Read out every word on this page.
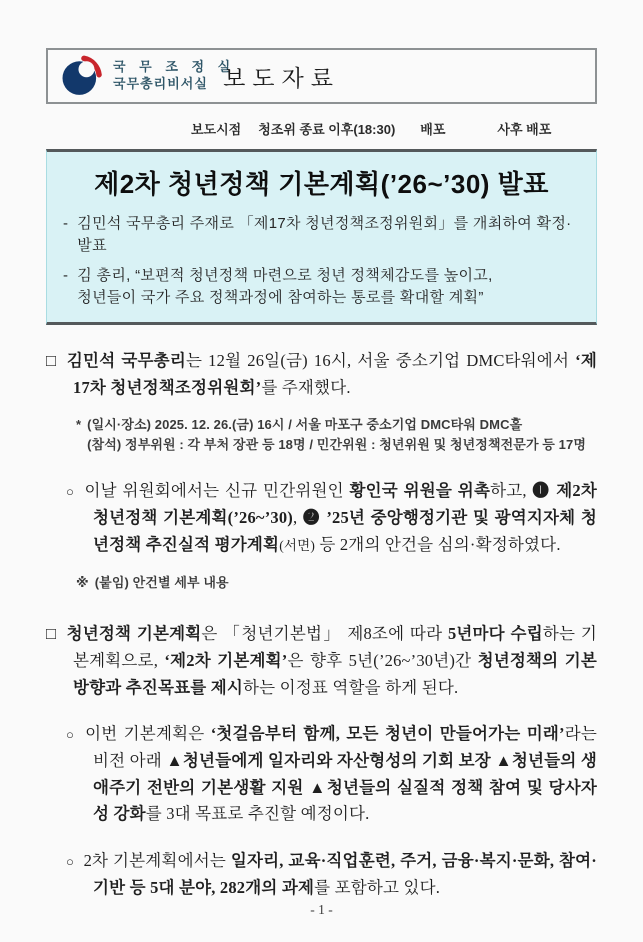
국 무 조 정 실
국무총리비서실 보도자료
보도시점 청조위 종료 이후(18:30) 배포	사후 배포
제2차 청년정책 기본계획(’26~’30) 발표
- 김민석 국무총리 주재로 「제17차 청년정책조정위원회」를 개최하여 확정·발표
- 김 총리, “보편적 청년정책 마련으로 청년 정책체감도를 높이고,
청년들이 국가 주요 정책과정에 참여하는 통로를 확대할 계획”
□ 김민석 국무총리는 12월 26일(금) 16시, 서울 중소기업 DMC타워에서 ‘제17차 청년정책조정위원회’를 주재했다.
* (일시·장소) 2025. 12. 26.(금) 16시 / 서울 마포구 중소기업 DMC타워 DMC홀
(참석) 정부위원 : 각 부처 장관 등 18명 / 민간위원 : 청년위원 및 청년정책전문가 등 17명
○ 이날 위원회에서는 신규 민간위원인 황인국 위원을 위촉하고, ❶ 제2차 청년정책 기본계획(’26~’30), ❷ ’25년 중앙행정기관 및 광역지자체 청년정책 추진실적 평가계획(서면) 등 2개의 안건을 심의·확정하였다.
※ (붙임) 안건별 세부 내용
□ 청년정책 기본계획은 「청년기본법」 제8조에 따라 5년마다 수립하는 기본계획으로, ‘제2차 기본계획’은 향후 5년(’26~’30년)간 청년정책의 기본방향과 추진목표를 제시하는 이정표 역할을 하게 된다.
○ 이번 기본계획은 ‘첫걸음부터 함께, 모든 청년이 만들어가는 미래’라는 비전 아래 ▲청년들에게 일자리와 자산형성의 기회 보장 ▲청년들의 생애주기 전반의 기본생활 지원 ▲청년들의 실질적 정책 참여 및 당사자성 강화를 3대 목표로 추진할 예정이다.
○ 2차 기본계획에서는 일자리, 교육·직업훈련, 주거, 금융·복지·문화, 참여·기반 등 5대 분야, 282개의 과제를 포함하고 있다.
- 1 -
